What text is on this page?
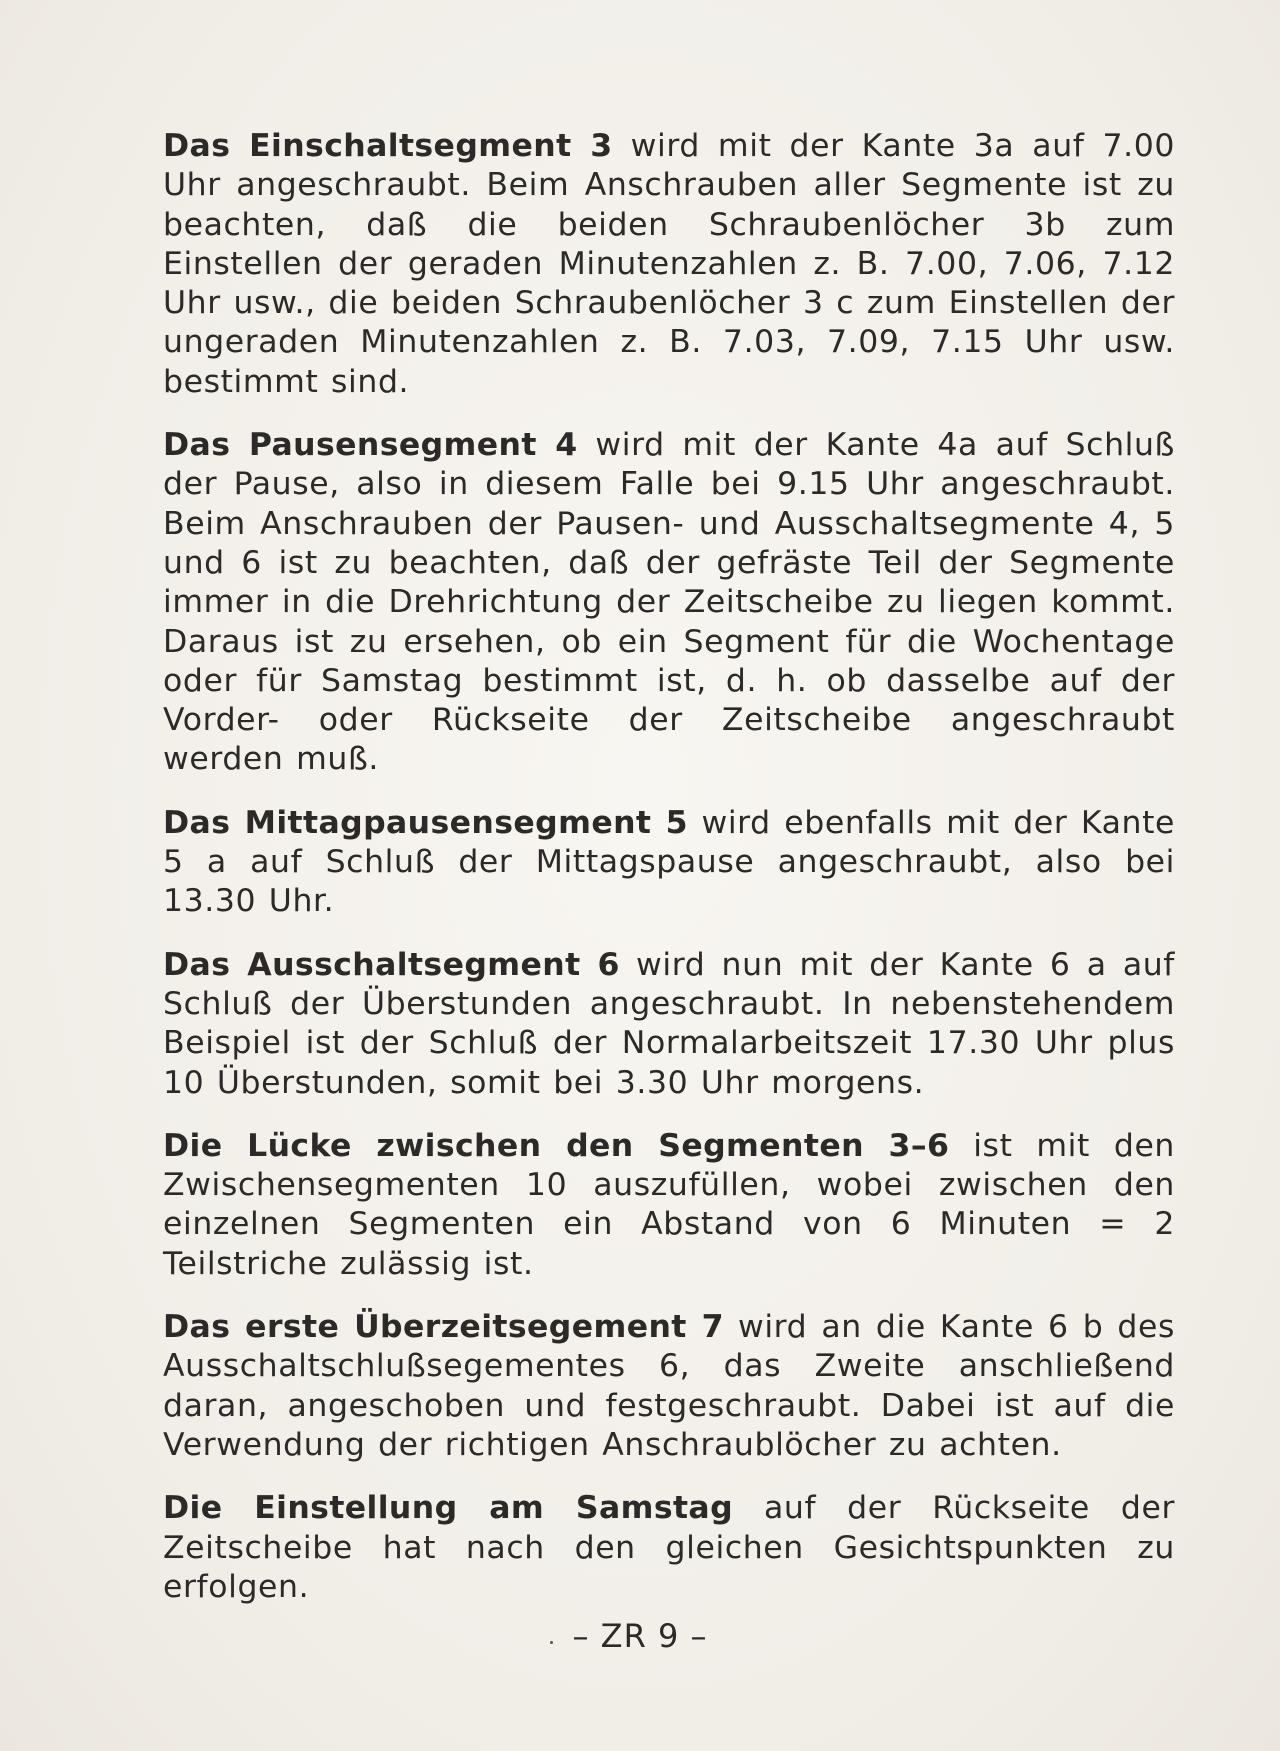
Das Einschaltsegment 3 wird mit der Kante 3a auf 7.00 Uhr angeschraubt. Beim Anschrauben aller Segmente ist zu beachten, daß die beiden Schraubenlöcher 3b zum Einstellen der geraden Minutenzahlen z. B. 7.00, 7.06, 7.12 Uhr usw., die beiden Schraubenlöcher 3 c zum Einstellen der ungeraden Minutenzahlen z. B. 7.03, 7.09, 7.15 Uhr usw. bestimmt sind.

Das Pausensegment 4 wird mit der Kante 4a auf Schluß der Pause, also in diesem Falle bei 9.15 Uhr angeschraubt. Beim Anschrauben der Pausen- und Ausschaltsegmente 4, 5 und 6 ist zu beachten, daß der gefräste Teil der Segmente immer in die Drehrichtung der Zeitscheibe zu liegen kommt. Daraus ist zu ersehen, ob ein Segment für die Wochentage oder für Samstag bestimmt ist, d. h. ob dasselbe auf der Vorder- oder Rückseite der Zeitscheibe angeschraubt werden muß.

Das Mittagpausensegment 5 wird ebenfalls mit der Kante 5 a auf Schluß der Mittagspause angeschraubt, also bei 13.30 Uhr.

Das Ausschaltsegment 6 wird nun mit der Kante 6 a auf Schluß der Überstunden angeschraubt. In nebenstehendem Beispiel ist der Schluß der Normalarbeitszeit 17.30 Uhr plus 10 Überstunden, somit bei 3.30 Uhr morgens.

Die Lücke zwischen den Segmenten 3–6 ist mit den Zwischensegmenten 10 auszufüllen, wobei zwischen den einzelnen Segmenten ein Abstand von 6 Minuten = 2 Teilstriche zulässig ist.

Das erste Überzeitsegement 7 wird an die Kante 6 b des Ausschaltschlußsegementes 6, das Zweite anschließend daran, angeschoben und festgeschraubt. Dabei ist auf die Verwendung der richtigen Anschraublöcher zu achten.

Die Einstellung am Samstag auf der Rückseite der Zeitscheibe hat nach den gleichen Gesichtspunkten zu erfolgen.

– ZR 9 –
